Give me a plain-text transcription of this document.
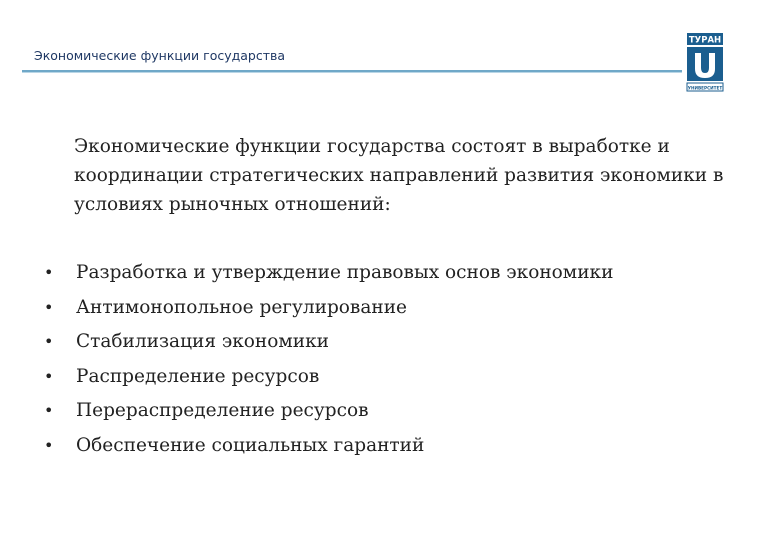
Экономические функции государства
ТУРАН
УНИВЕРСИТЕТ
Экономические функции государства состоят в выработке и координации стратегических направлений развития экономики в условиях рыночных отношений:
• Разработка и утверждение правовых основ экономики
• Антимонопольное регулирование
• Стабилизация экономики
• Распределение ресурсов
• Перераспределение ресурсов
• Обеспечение социальных гарантий
